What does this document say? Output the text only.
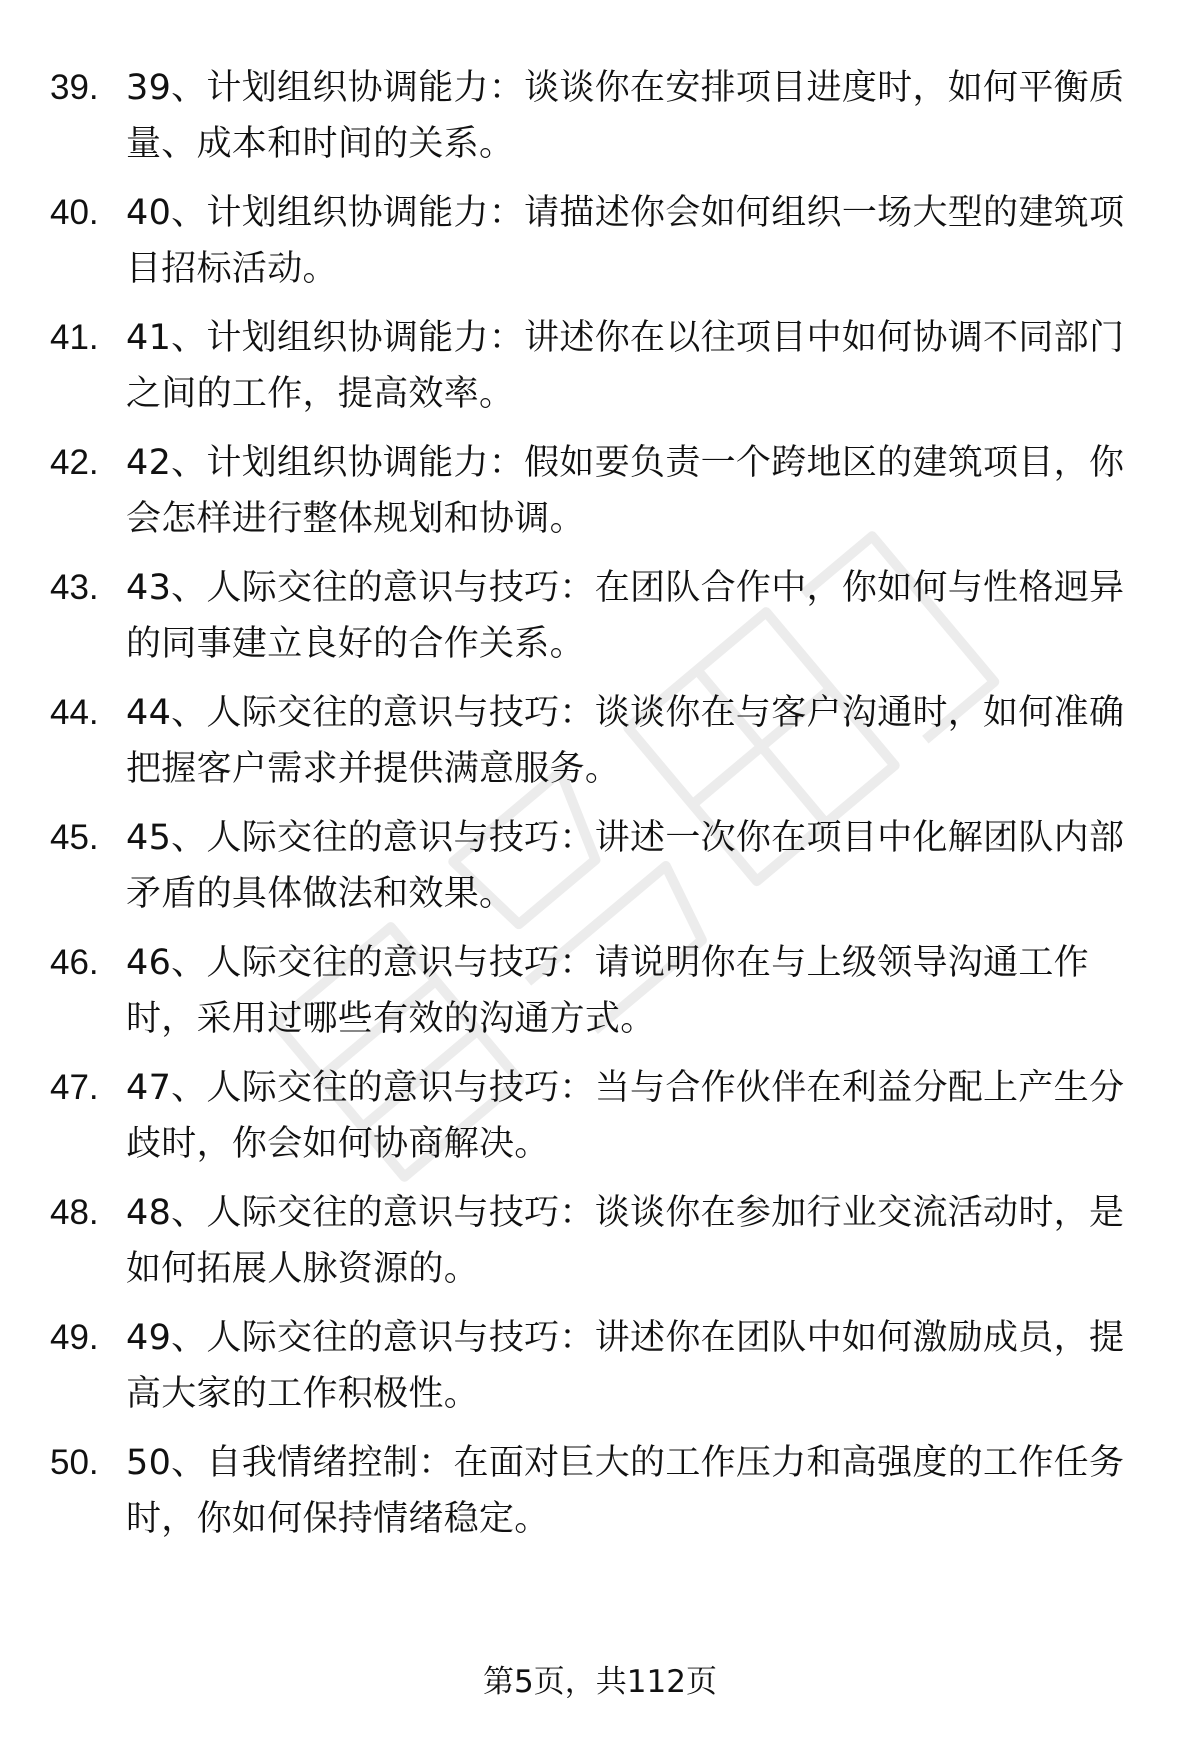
39. 39、计划组织协调能力：谈谈你在安排项目进度时，如何平衡质量、成本和时间的关系。
40. 40、计划组织协调能力：请描述你会如何组织一场大型的建筑项目招标活动。
41. 41、计划组织协调能力：讲述你在以往项目中如何协调不同部门之间的工作，提高效率。
42. 42、计划组织协调能力：假如要负责一个跨地区的建筑项目，你会怎样进行整体规划和协调。
43. 43、人际交往的意识与技巧：在团队合作中，你如何与性格迥异的同事建立良好的合作关系。
44. 44、人际交往的意识与技巧：谈谈你在与客户沟通时，如何准确把握客户需求并提供满意服务。
45. 45、人际交往的意识与技巧：讲述一次你在项目中化解团队内部矛盾的具体做法和效果。
46. 46、人际交往的意识与技巧：请说明你在与上级领导沟通工作时，采用过哪些有效的沟通方式。
47. 47、人际交往的意识与技巧：当与合作伙伴在利益分配上产生分歧时，你会如何协商解决。
48. 48、人际交往的意识与技巧：谈谈你在参加行业交流活动时，是如何拓展人脉资源的。
49. 49、人际交往的意识与技巧：讲述你在团队中如何激励成员，提高大家的工作积极性。
50. 50、自我情绪控制：在面对巨大的工作压力和高强度的工作任务时，你如何保持情绪稳定。
第5页，共112页
